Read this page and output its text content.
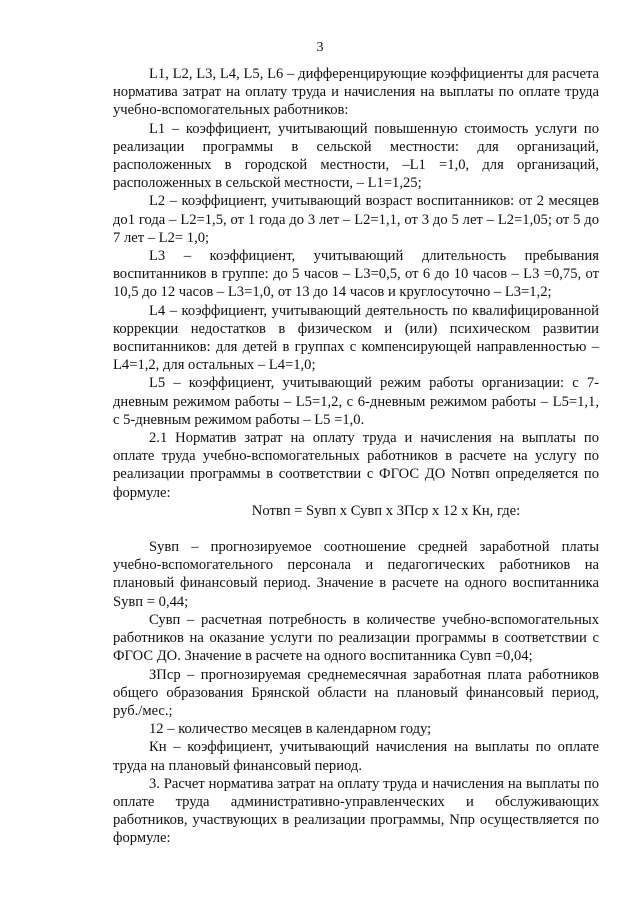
3

L1, L2, L3, L4, L5, L6 – дифференцирующие коэффициенты для расчета норматива затрат на оплату труда и начисления на выплаты по оплате труда учебно-вспомогательных работников:

L1 – коэффициент, учитывающий повышенную стоимость услуги по реализации программы в сельской местности: для организаций, расположенных в городской местности, –L1 =1,0, для организаций, расположенных в сельской местности, – L1=1,25;

L2 – коэффициент, учитывающий возраст воспитанников: от 2 месяцев до1 года – L2=1,5, от 1 года до 3 лет – L2=1,1, от 3 до 5 лет – L2=1,05; от 5 до 7 лет – L2= 1,0;

L3 – коэффициент, учитывающий длительность пребывания воспитанников в группе: до 5 часов – L3=0,5, от 6 до 10 часов – L3 =0,75, от 10,5 до 12 часов – L3=1,0, от 13 до 14 часов и круглосуточно – L3=1,2;

L4 – коэффициент, учитывающий деятельность по квалифицированной коррекции недостатков в физическом и (или) психическом развитии воспитанников: для детей в группах с компенсирующей направленностью – L4=1,2, для остальных – L4=1,0;

L5 – коэффициент, учитывающий режим работы организации: с 7-дневным режимом работы – L5=1,2, с 6-дневным режимом работы – L5=1,1, с 5-дневным режимом работы – L5 =1,0.

2.1 Норматив затрат на оплату труда и начисления на выплаты по оплате труда учебно-вспомогательных работников в расчете на услугу по реализации программы в соответствии с ФГОС ДО Nотвп определяется по формуле:

Nотвп = Sувп х Сувп х ЗПср х 12 х Кн, где:

Sувп – прогнозируемое соотношение средней заработной платы учебно-вспомогательного персонала и педагогических работников на плановый финансовый период. Значение в расчете на одного воспитанника Sувп = 0,44;

Сувп – расчетная потребность в количестве учебно-вспомогательных работников на оказание услуги по реализации программы в соответствии с ФГОС ДО. Значение в расчете на одного воспитанника Сувп =0,04;

ЗПср – прогнозируемая среднемесячная заработная плата работников общего образования Брянской области на плановый финансовый период, руб./мес.;

12 – количество месяцев в календарном году;

Кн – коэффициент, учитывающий начисления на выплаты по оплате труда на плановый финансовый период.

3. Расчет норматива затрат на оплату труда и начисления на выплаты по оплате труда административно-управленческих и обслуживающих работников, участвующих в реализации программы, Nпр осуществляется по формуле:
